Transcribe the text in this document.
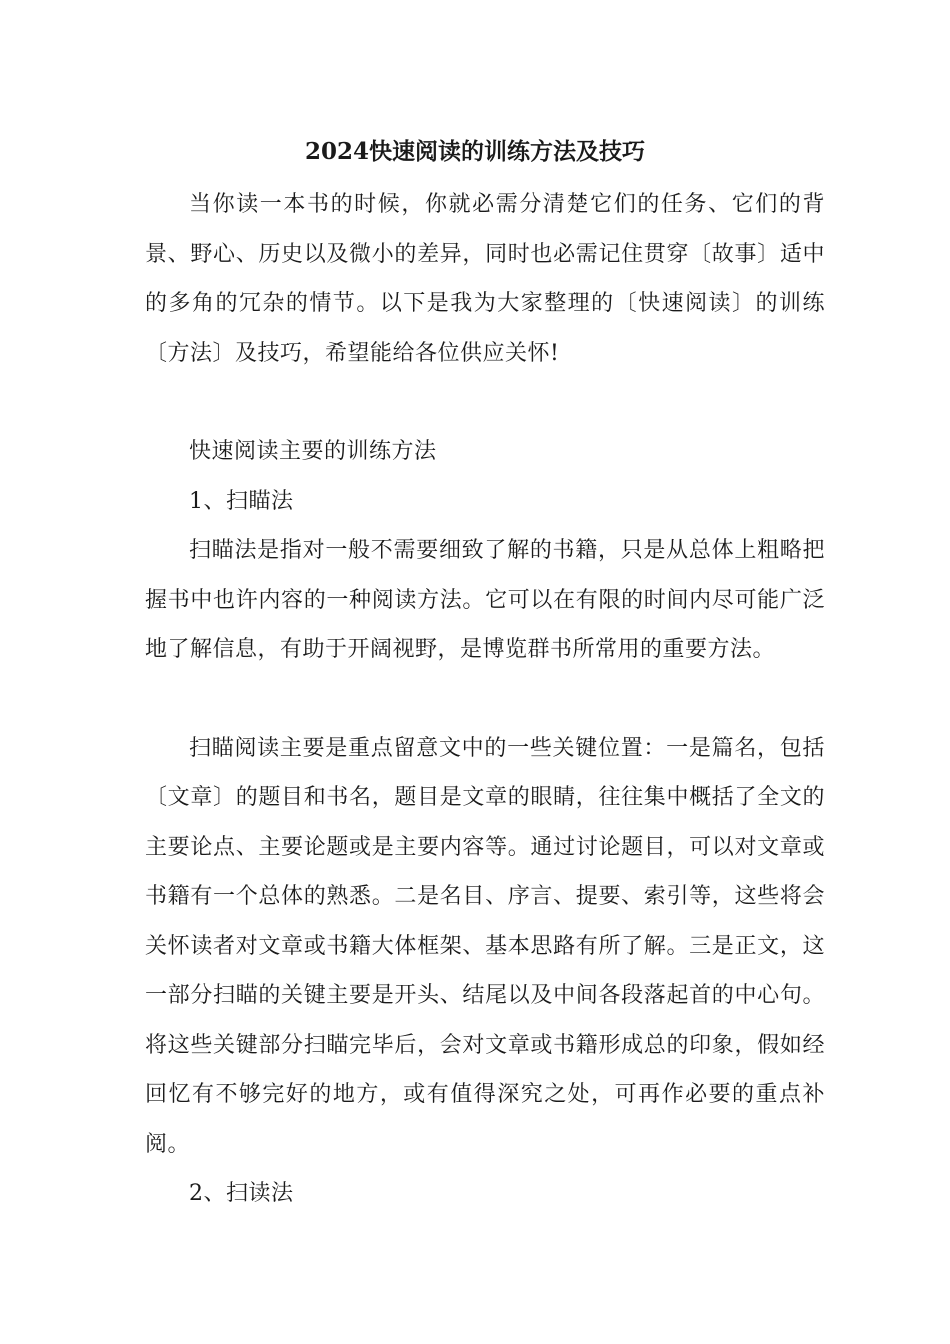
2024快速阅读的训练方法及技巧

当你读一本书的时候，你就必需分清楚它们的任务、它们的背景、野心、历史以及微小的差异，同时也必需记住贯穿〔故事〕适中的多角的冗杂的情节。以下是我为大家整理的〔快速阅读〕的训练〔方法〕及技巧，希望能给各位供应关怀!

快速阅读主要的训练方法

1、扫瞄法

扫瞄法是指对一般不需要细致了解的书籍，只是从总体上粗略把握书中也许内容的一种阅读方法。它可以在有限的时间内尽可能广泛地了解信息，有助于开阔视野，是博览群书所常用的重要方法。

扫瞄阅读主要是重点留意文中的一些关键位置：一是篇名，包括〔文章〕的题目和书名，题目是文章的眼睛，往往集中概括了全文的主要论点、主要论题或是主要内容等。通过讨论题目，可以对文章或书籍有一个总体的熟悉。二是名目、序言、提要、索引等，这些将会关怀读者对文章或书籍大体框架、基本思路有所了解。三是正文，这一部分扫瞄的关键主要是开头、结尾以及中间各段落起首的中心句。将这些关键部分扫瞄完毕后，会对文章或书籍形成总的印象，假如经回忆有不够完好的地方，或有值得深究之处，可再作必要的重点补阅。

2、扫读法
